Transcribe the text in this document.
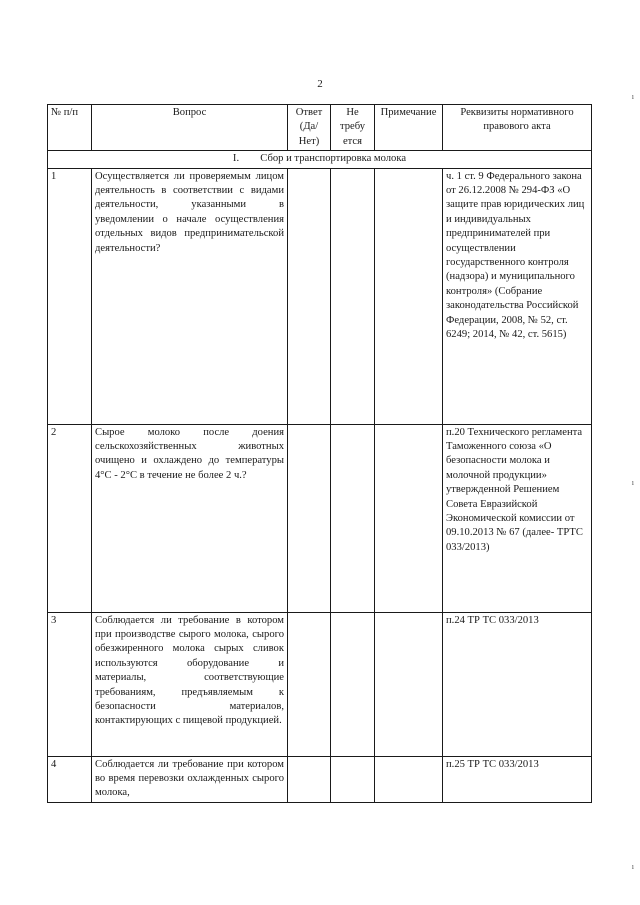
2
№ п/п	Вопрос	Ответ (Да/ Нет)	Не требу ется	Примечание	Реквизиты нормативного правового акта
I.        Сбор и транспортировка молока					
1	Осуществляется ли проверяемым лицом деятельность в соответствии с видами деятельности, указанными в уведомлении о начале осуществления отдельных видов предпринимательской деятельности?				ч. 1 ст. 9 Федерального закона от 26.12.2008 № 294-ФЗ «О защите прав юридических лиц и индивидуальных предпринимателей при осуществлении государственного контроля (надзора) и муниципального контроля» (Собрание законодательства Российской Федерации, 2008, № 52, ст. 6249; 2014, № 42, ст. 5615)
2	Сырое молоко после доения сельскохозяйственных животных очищено и охлаждено до температуры 4°С - 2°С в течение не более 2 ч.?				п.20 Технического регламента Таможенного союза «О безопасности молока и молочной продукции» утвержденной Решением Совета Евразийской Экономической комиссии от 09.10.2013 № 67 (далее- ТРТС 033/2013)
3	Соблюдается ли требование в котором при производстве сырого молока, сырого обезжиренного молока сырых сливок используются оборудование и материалы, соответствующие требованиям, предъявляемым к безопасности материалов, контактирующих с пищевой продукцией.				п.24 ТР ТС 033/2013
4	Соблюдается ли требование при котором во время перевозки охлажденных сырого молока,				п.25 ТР ТС 033/2013
ı
ı
ı
